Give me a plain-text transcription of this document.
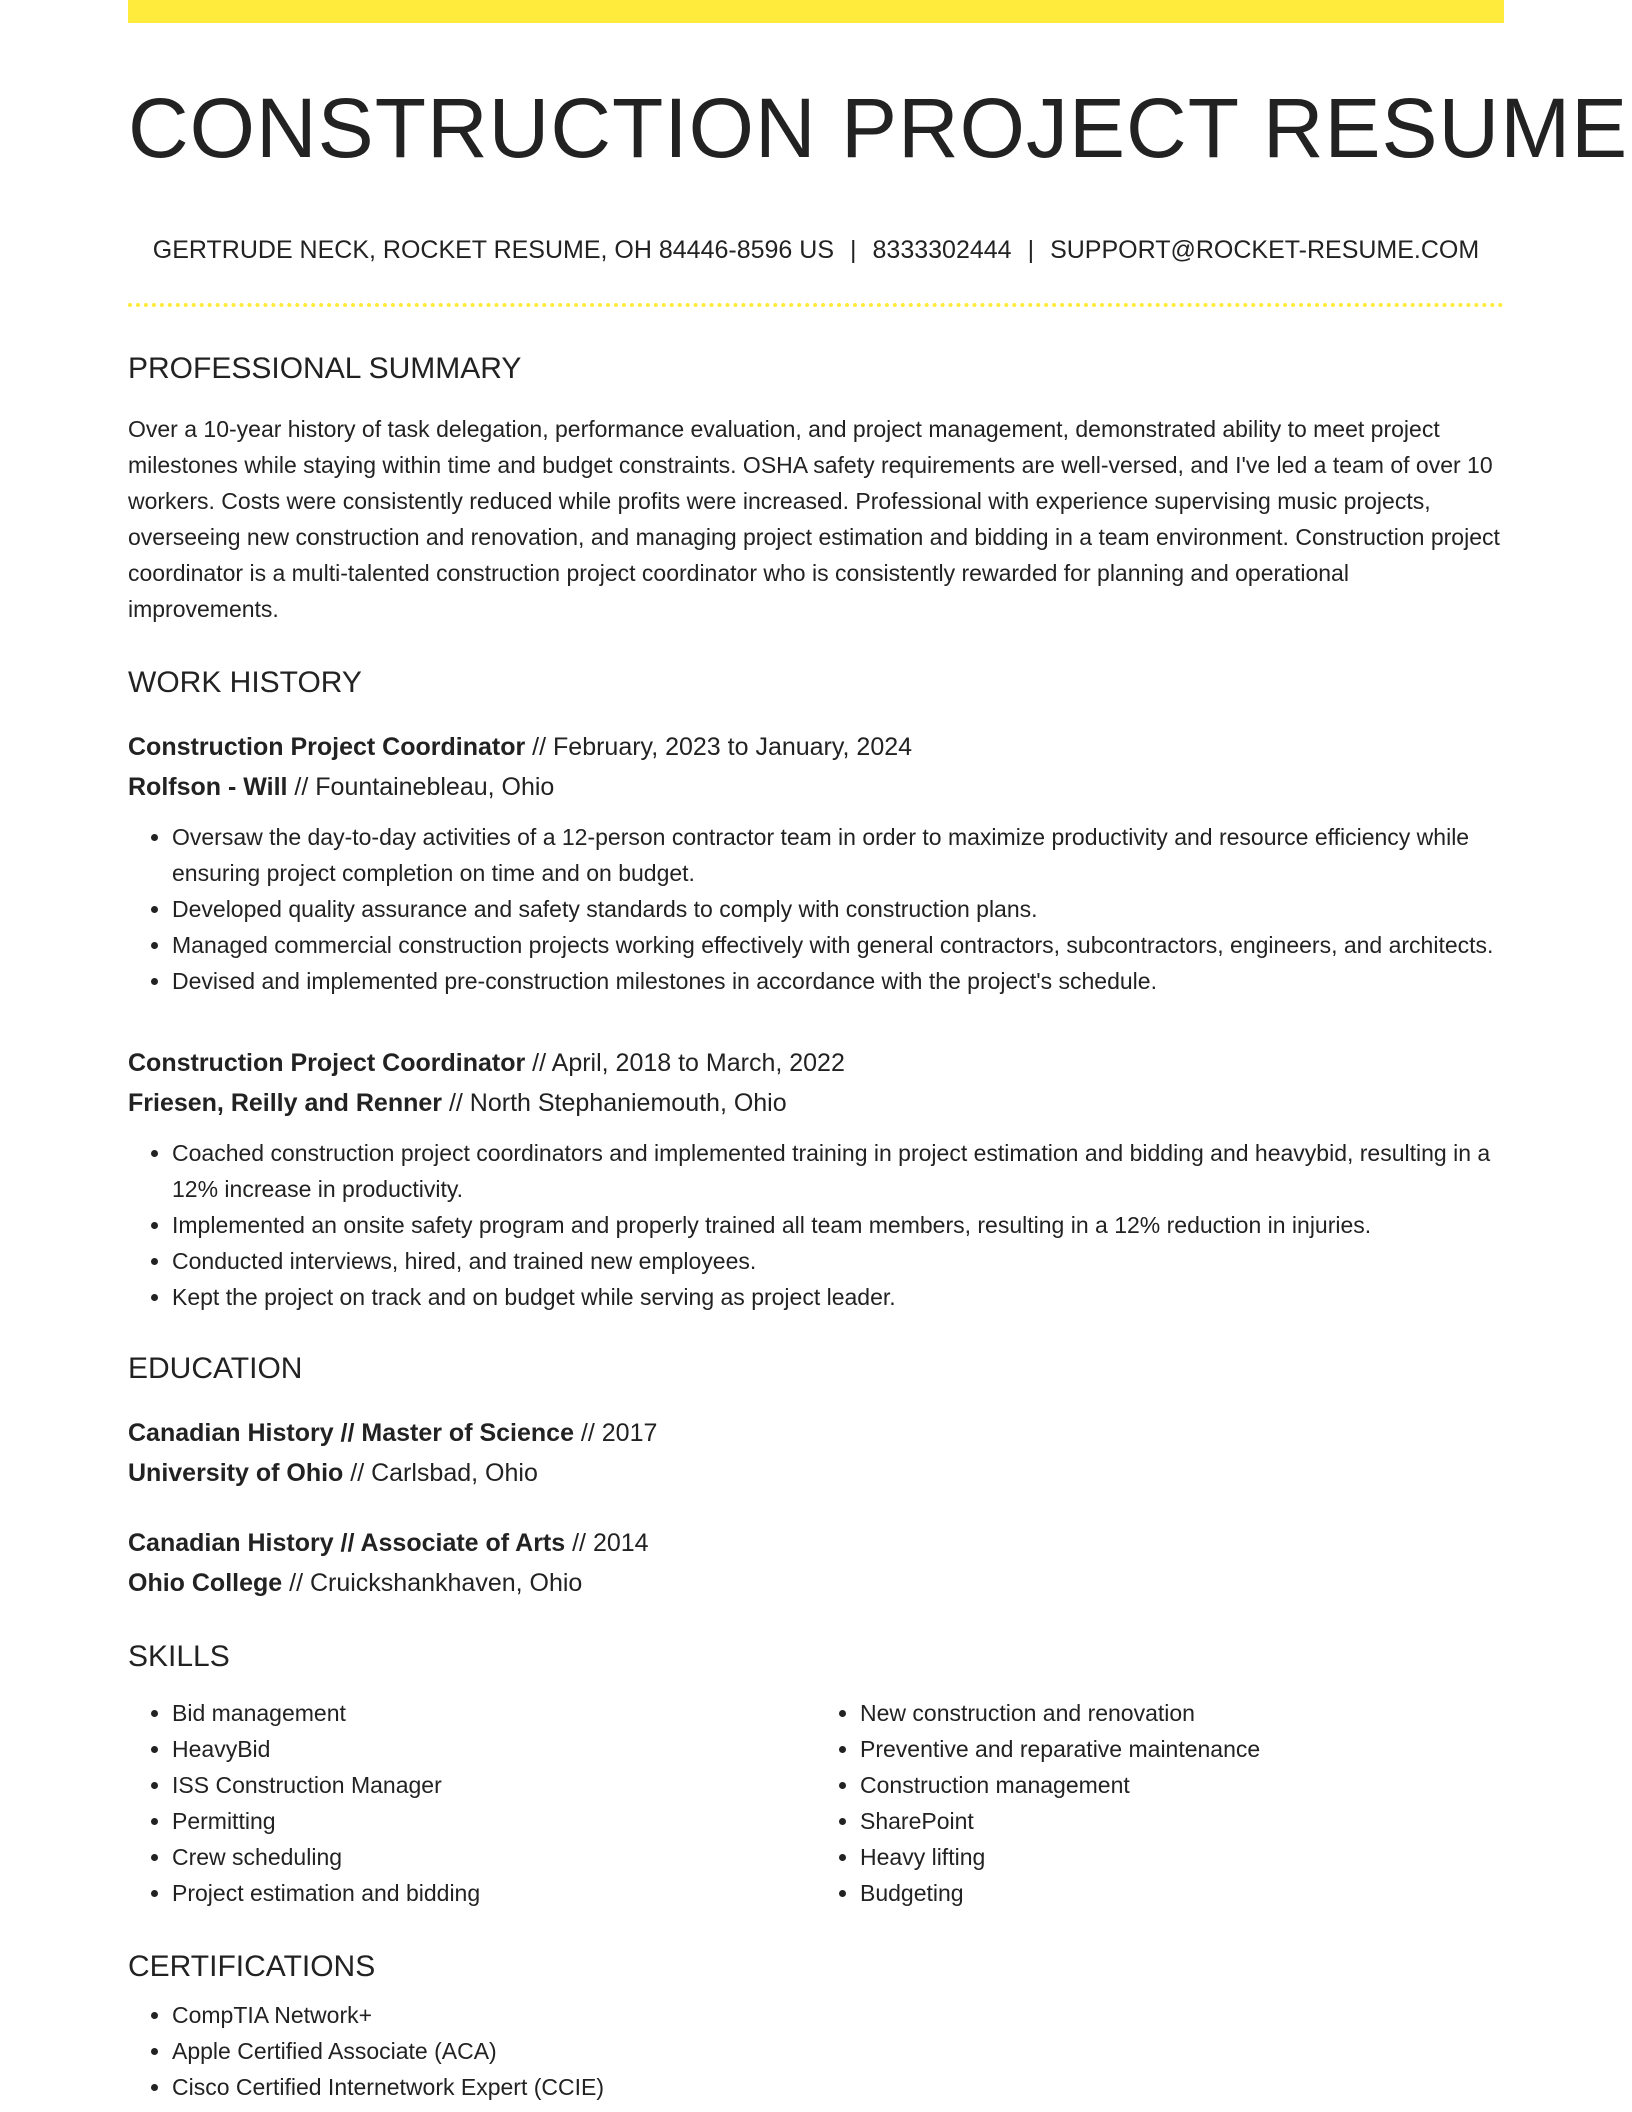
CONSTRUCTION PROJECT RESUME
GERTRUDE NECK, ROCKET RESUME, OH 84446-8596 US | 8333302444 | SUPPORT@ROCKET-RESUME.COM
PROFESSIONAL SUMMARY

Over a 10-year history of task delegation, performance evaluation, and project management, demonstrated ability to meet project milestones while staying within time and budget constraints. OSHA safety requirements are well-versed, and I've led a team of over 10 workers. Costs were consistently reduced while profits were increased. Professional with experience supervising music projects, overseeing new construction and renovation, and managing project estimation and bidding in a team environment. Construction project coordinator is a multi-talented construction project coordinator who is consistently rewarded for planning and operational improvements.

WORK HISTORY
Construction Project Coordinator // February, 2023 to January, 2024
Rolfson - Will // Fountainebleau, Ohio
• Oversaw the day-to-day activities of a 12-person contractor team in order to maximize productivity and resource efficiency while ensuring project completion on time and on budget.
• Developed quality assurance and safety standards to comply with construction plans.
• Managed commercial construction projects working effectively with general contractors, subcontractors, engineers, and architects.
• Devised and implemented pre-construction milestones in accordance with the project's schedule.
Construction Project Coordinator // April, 2018 to March, 2022
Friesen, Reilly and Renner // North Stephaniemouth, Ohio
• Coached construction project coordinators and implemented training in project estimation and bidding and heavybid, resulting in a 12% increase in productivity.
• Implemented an onsite safety program and properly trained all team members, resulting in a 12% reduction in injuries.
• Conducted interviews, hired, and trained new employees.
• Kept the project on track and on budget while serving as project leader.
EDUCATION
Canadian History // Master of Science // 2017
University of Ohio // Carlsbad, Ohio
Canadian History // Associate of Arts // 2014
Ohio College // Cruickshankhaven, Ohio
SKILLS
• Bid management
• HeavyBid
• ISS Construction Manager
• Permitting
• Crew scheduling
• Project estimation and bidding
• New construction and renovation
• Preventive and reparative maintenance
• Construction management
• SharePoint
• Heavy lifting
• Budgeting
CERTIFICATIONS
• CompTIA Network+
• Apple Certified Associate (ACA)
• Cisco Certified Internetwork Expert (CCIE)
